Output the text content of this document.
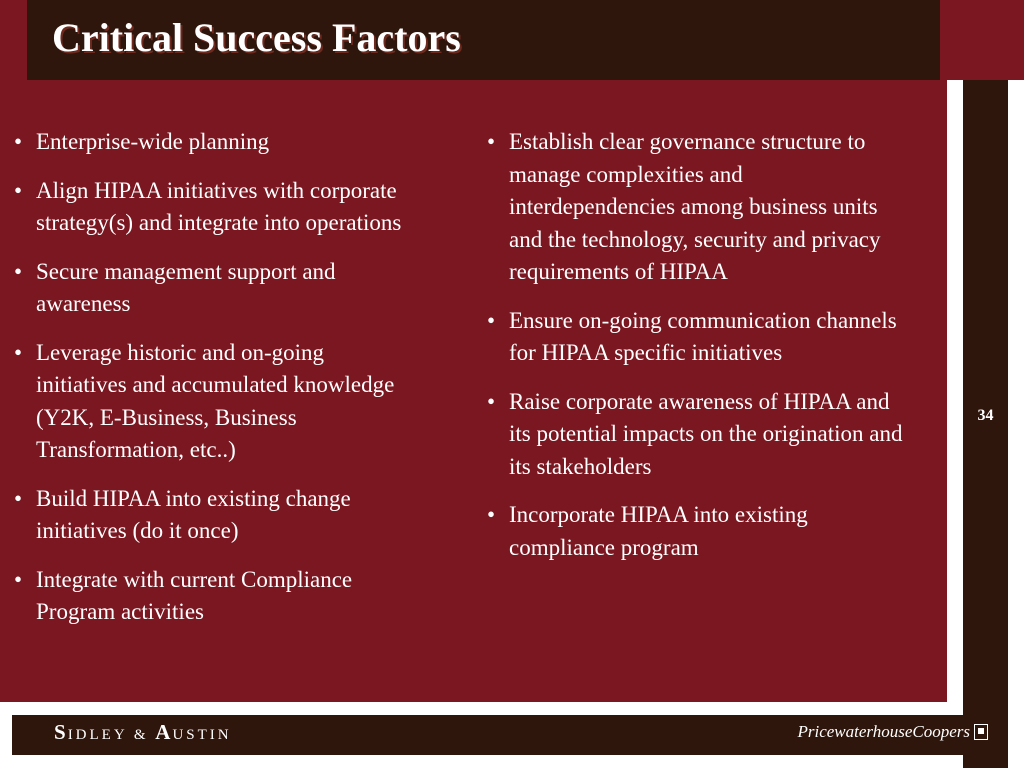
Critical Success Factors
34
• Enterprise-wide planning
• Align HIPAA initiatives with corporate strategy(s) and integrate into operations
• Secure management support and awareness
• Leverage historic and on-going initiatives and accumulated knowledge (Y2K, E-Business, Business Transformation, etc..)
• Build HIPAA into existing change initiatives (do it once)
• Integrate with current Compliance Program activities
• Establish clear governance structure to manage complexities and interdependencies among business units and the technology, security and privacy requirements of HIPAA
• Ensure on-going communication channels for HIPAA specific initiatives
• Raise corporate awareness of HIPAA and its potential impacts on the origination and its stakeholders
• Incorporate HIPAA into existing compliance program
SIDLEY & AUSTIN	PricewaterhouseCoopers
